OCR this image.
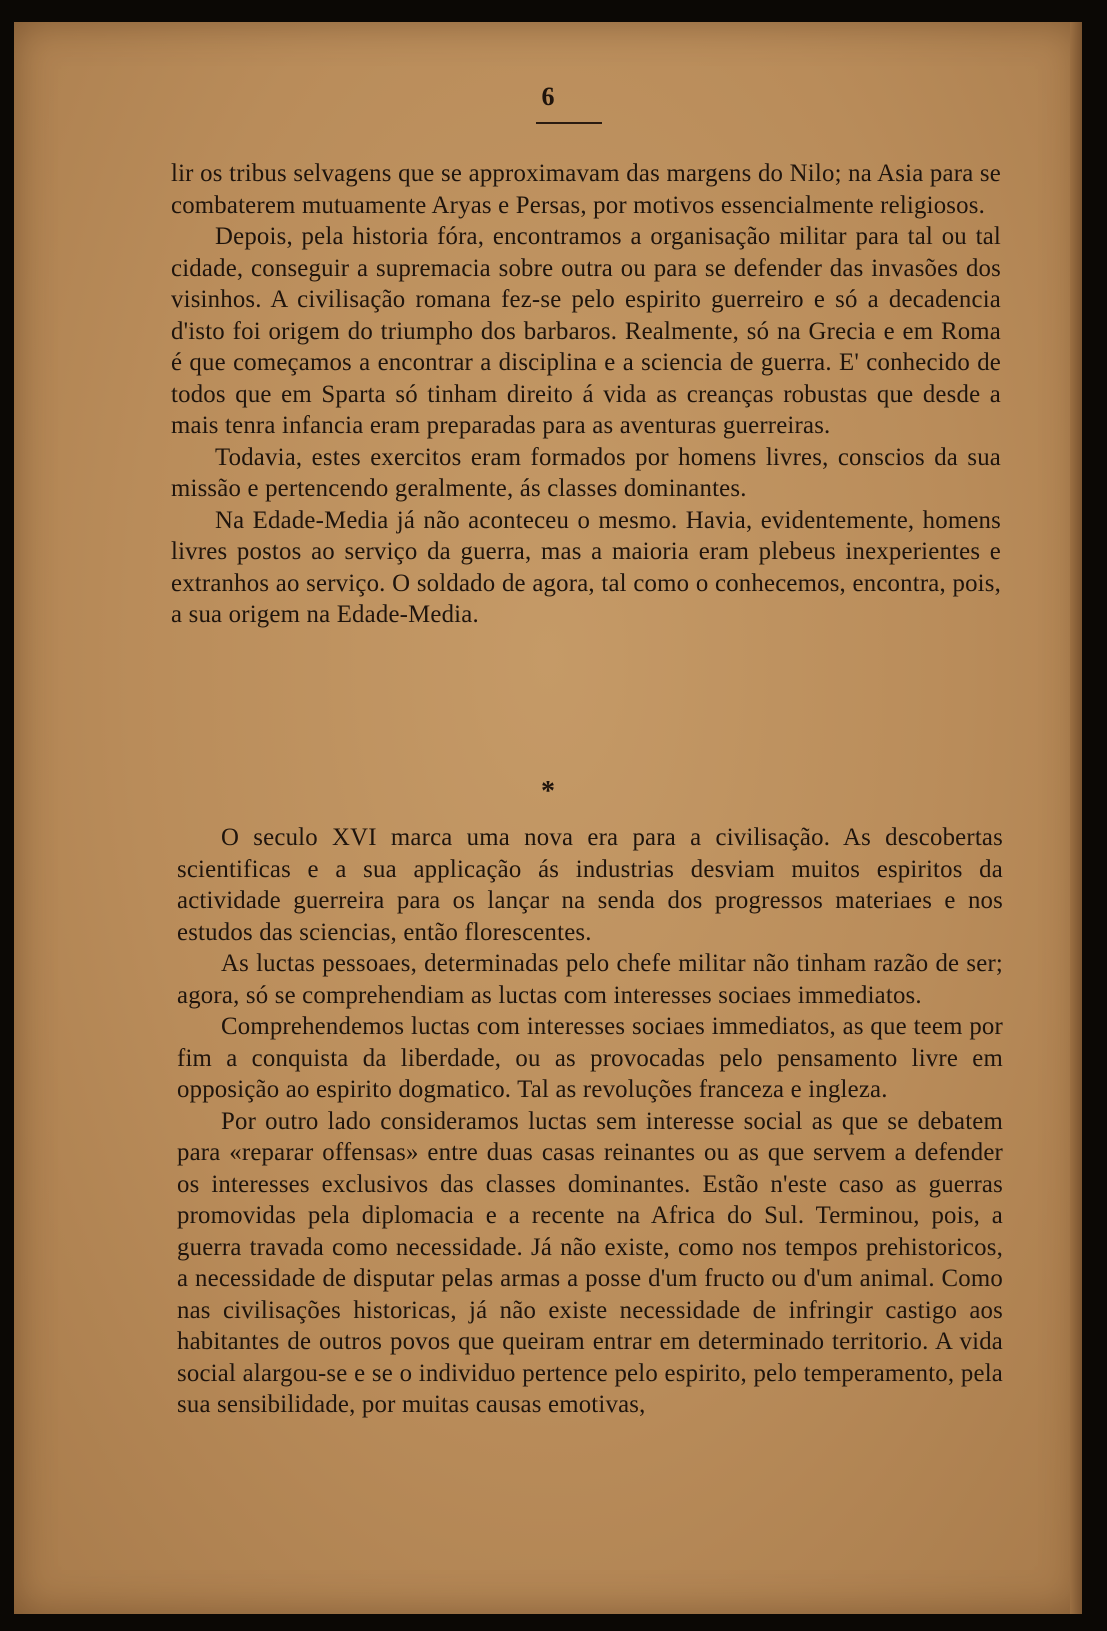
6

lir os tribus selvagens que se approximavam das margens do Nilo; na Asia para se combaterem mutuamente Aryas e Persas, por motivos essencialmente religiosos.

Depois, pela historia fóra, encontramos a organisação militar para tal ou tal cidade, conseguir a supremacia sobre outra ou para se defender das invasões dos visinhos. A civilisação romana fez-se pelo espirito guerreiro e só a decadencia d'isto foi origem do triumpho dos barbaros. Realmente, só na Grecia e em Roma é que começamos a encontrar a disciplina e a sciencia de guerra. E' conhecido de todos que em Sparta só tinham direito á vida as creanças robustas que desde a mais tenra infancia eram preparadas para as aventuras guerreiras.

Todavia, estes exercitos eram formados por homens livres, conscios da sua missão e pertencendo geralmente, ás classes dominantes.

Na Edade-Media já não aconteceu o mesmo. Havia, evidentemente, homens livres postos ao serviço da guerra, mas a maioria eram plebeus inexperientes e extranhos ao serviço. O soldado de agora, tal como o conhecemos, encontra, pois, a sua origem na Edade-Media.

*

O seculo XVI marca uma nova era para a civilisação. As descobertas scientificas e a sua applicação ás industrias desviam muitos espiritos da actividade guerreira para os lançar na senda dos progressos materiaes e nos estudos das sciencias, então florescentes.

As luctas pessoaes, determinadas pelo chefe militar não tinham razão de ser; agora, só se comprehendiam as luctas com interesses sociaes immediatos.

Comprehendemos luctas com interesses sociaes immediatos, as que teem por fim a conquista da liberdade, ou as provocadas pelo pensamento livre em opposição ao espirito dogmatico. Tal as revoluções franceza e ingleza.

Por outro lado consideramos luctas sem interesse social as que se debatem para «reparar offensas» entre duas casas reinantes ou as que servem a defender os interesses exclusivos das classes dominantes. Estão n'este caso as guerras promovidas pela diplomacia e a recente na Africa do Sul. Terminou, pois, a guerra travada como necessidade. Já não existe, como nos tempos prehistoricos, a necessidade de disputar pelas armas a posse d'um fructo ou d'um animal. Como nas civilisações historicas, já não existe necessidade de infringir castigo aos habitantes de outros povos que queiram entrar em determinado territorio. A vida social alargou-se e se o individuo pertence pelo espirito, pelo temperamento, pela sua sensibilidade, por muitas causas emotivas,
